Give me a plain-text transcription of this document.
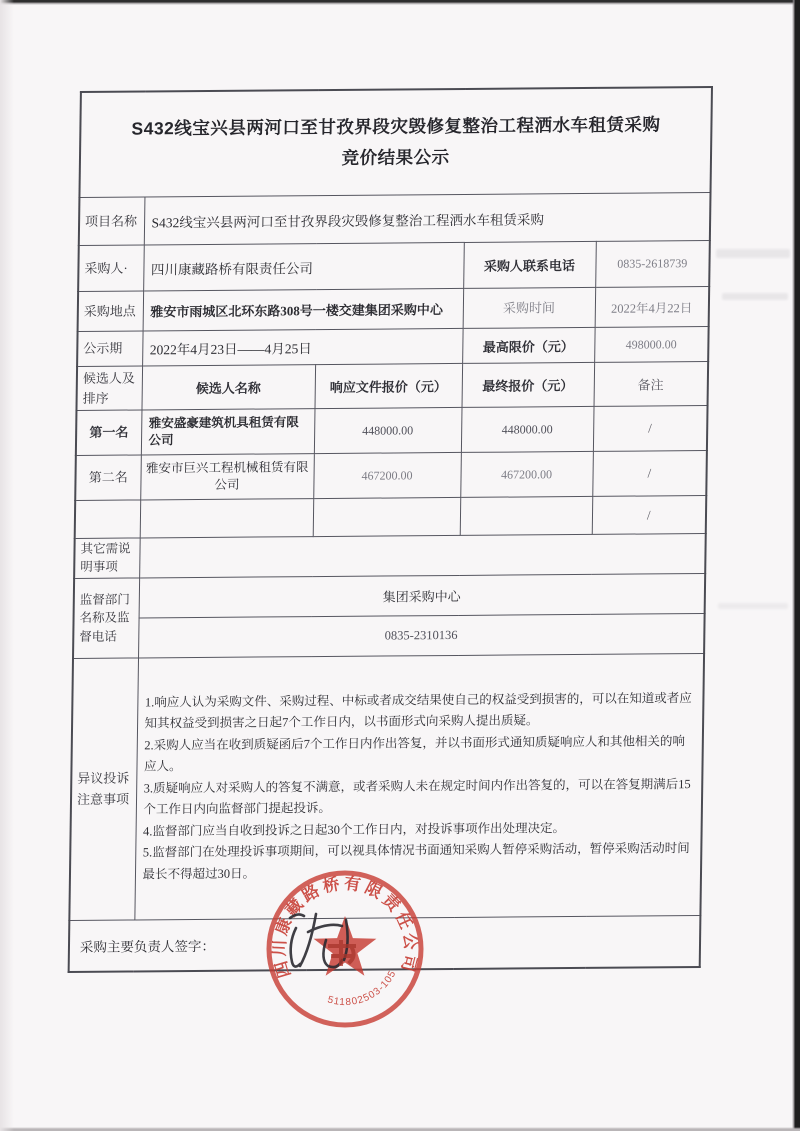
S432线宝兴县两河口至甘孜界段灾毁修复整治工程洒水车租赁采购
竞价结果公示				
项目名称	S432线宝兴县两河口至甘孜界段灾毁修复整治工程洒水车租赁采购			
采购人·	四川康藏路桥有限责任公司		采购人联系电话	0835-2618739
采购地点	雅安市雨城区北环东路308号一楼交建集团采购中心		采购时间	2022年4月22日
公示期	2022年4月23日——4月25日		最高限价（元）	498000.00
候选人及排序	候选人名称	响应文件报价（元）	最终报价（元）	备注
第一名	雅安盛豪建筑机具租赁有限公司	448000.00	448000.00	/
第二名	雅安市巨兴工程机械租赁有限公司	467200.00	467200.00	/
				/
其它需说明事项				
监督部门名称及监督电话	集团采购中心			
	0835-2310136			
异议投诉注意事项	1.响应人认为采购文件、采购过程、中标或者成交结果使自己的权益受到损害的，可以在知道或者应知其权益受到损害之日起7个工作日内，以书面形式向采购人提出质疑。
2.采购人应当在收到质疑函后7个工作日内作出答复，并以书面形式通知质疑响应人和其他相关的响应人。
3.质疑响应人对采购人的答复不满意，或者采购人未在规定时间内作出答复的，可以在答复期满后15个工作日内向监督部门提起投诉。
4.监督部门应当自收到投诉之日起30个工作日内，对投诉事项作出处理决定。
5.监督部门在处理投诉事项期间，可以视具体情况书面通知采购人暂停采购活动，暂停采购活动时间最长不得超过30日。			
采购主要负责人签字：				
四川康藏路桥有限责任公司
511802503-105
